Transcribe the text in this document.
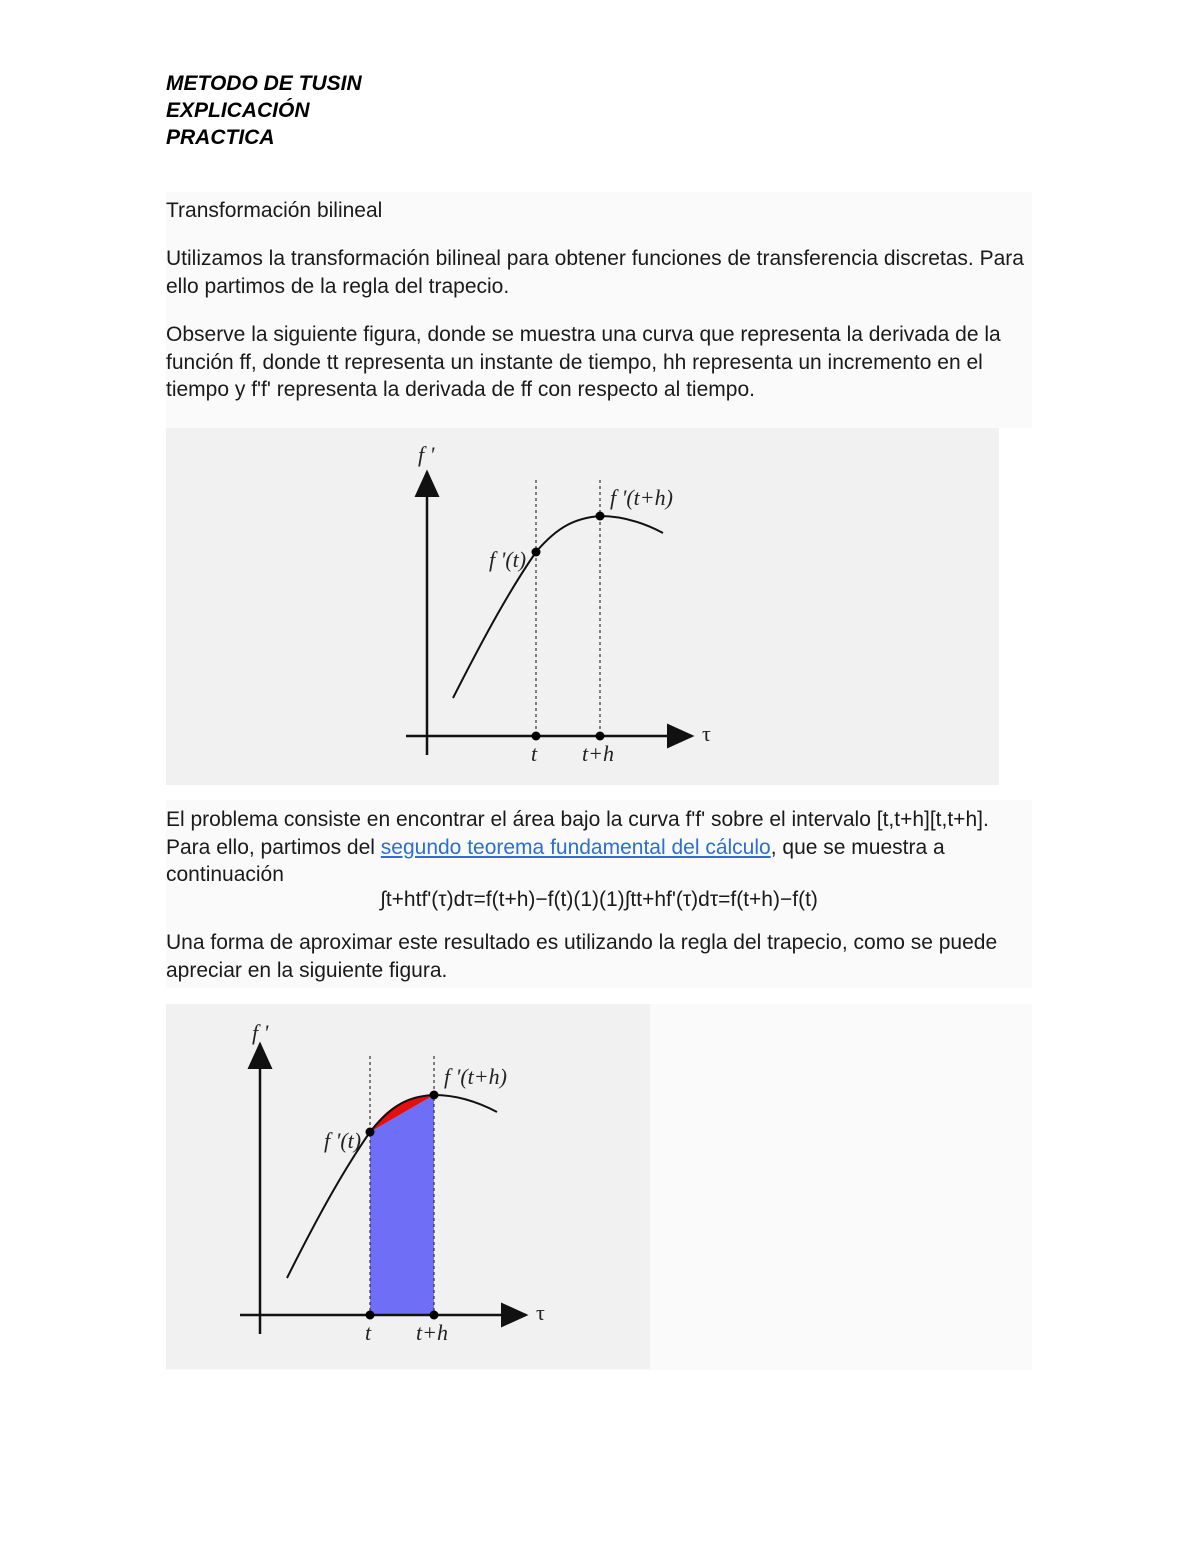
METODO DE TUSIN
EXPLICACIÓN
PRACTICA
Transformación bilineal
Utilizamos la transformación bilineal para obtener funciones de transferencia discretas. Para ello partimos de la regla del trapecio.
Observe la siguiente figura, donde se muestra una curva que representa la derivada de la función ff, donde tt representa un instante de tiempo, hh representa un incremento en el tiempo y f'f' representa la derivada de ff con respecto al tiempo.
f '
τ
f '(t)
f '(t+h)
t t+h
El problema consiste en encontrar el área bajo la curva f'f' sobre el intervalo [t,t+h][t,t+h]. Para ello, partimos del segundo teorema fundamental del cálculo, que se muestra a continuación
∫t+htf'(τ)dτ=f(t+h)−f(t)(1)(1)∫tt+hf'(τ)dτ=f(t+h)−f(t)
Una forma de aproximar este resultado es utilizando la regla del trapecio, como se puede apreciar en la siguiente figura.
f '
τ
f '(t)
f '(t+h)
t t+h
